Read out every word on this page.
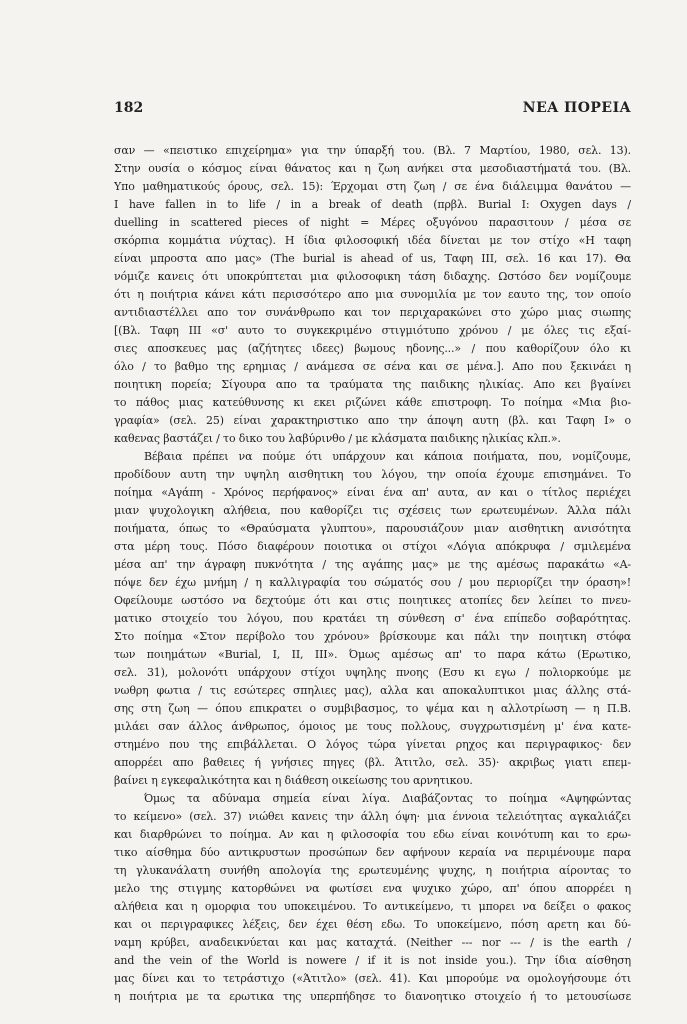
182	ΝΕΑ ΠΟΡΕΙΑ
σαν — «πειστικο επιχείρημα» για την ύπαρξή του. (Βλ. 7 Μαρτίου, 1980, σελ. 13).
Στην ουσία ο κόσμος είναι θάνατος και η ζωη ανήκει στα μεσοδιαστήματά του. (Βλ.
Υπο μαθηματικούς όρους, σελ. 15): Έρχομαι στη ζωη / σε ένα διάλειμμα θανάτου —
I have fallen in to life / in a break of death (πρβλ. Burial I: Oxygen days /
duelling in scattered pieces of night = Μέρες οξυγόνου παρασιτουν / μέσα σε
σκόρπια κομμάτια νύχτας). Η ίδια φιλοσοφική ιδέα δίνεται με τον στίχο «Η ταφη
είναι μπροστα απο μας» (The burial is ahead of us, Ταφη ΙΙΙ, σελ. 16 και 17). Θα
νόμιζε κανεις ότι υποκρύπτεται μια φιλοσοφικη τάση διδαχης. Ωστόσο δεν νομίζουμε
ότι η ποιήτρια κάνει κάτι περισσότερο απο μια συνομιλία με τον εαυτο της, τον οποίο
αντιδιαστέλλει απο τον συνάνθρωπο και τον περιχαρακώνει στο χώρο μιας σιωπης
[(Βλ. Ταφη ΙΙΙ «σ' αυτο το συγκεκριμένο στιγμιότυπο χρόνου / με όλες τις εξαί-
σιες αποσκευες μας (αζήτητες ιδεες) βωμους ηδονης...» / που καθορίζουν όλο κι
όλο / το βαθμο της ερημιας / ανάμεσα σε σένα και σε μένα.]. Απο που ξεκινάει η
ποιητικη πορεία; Σίγουρα απο τα τραύματα της παιδικης ηλικίας. Απο κει βγαίνει
το πάθος μιας κατεύθυνσης κι εκει ριζώνει κάθε επιστροφη. Το ποίημα «Μια βιο-
γραφία» (σελ. 25) είναι χαρακτηριστικο απο την άποψη αυτη (βλ. και Ταφη Ι» ο
καθενας βαστάζει / το δικο του λαβύρινθο / με κλάσματα παιδικης ηλικίας κλπ.».
Βέβαια πρέπει να πούμε ότι υπάρχουν και κάποια ποιήματα, που, νομίζουμε,
προδίδουν αυτη την υψηλη αισθητικη του λόγου, την οποία έχουμε επισημάνει. Το
ποίημα «Αγάπη - Χρόνος περήφανος» είναι ένα απ' αυτα, αν και ο τίτλος περιέχει
μιαν ψυχολογικη αλήθεια, που καθορίζει τις σχέσεις των ερωτευμένων. Άλλα πάλι
ποιήματα, όπως το «Θραύσματα γλυπτου», παρουσιάζουν μιαν αισθητικη ανισότητα
στα μέρη τους. Πόσο διαφέρουν ποιοτικα οι στίχοι «Λόγια απόκρυφα / σμιλεμένα
μέσα απ' την άγραφη πυκνότητα / της αγάπης μας» με της αμέσως παρακάτω «Α-
πόψε δεν έχω μνήμη / η καλλιγραφία του σώματός σου / μου περιορίζει την όραση»!
Οφείλουμε ωστόσο να δεχτούμε ότι και στις ποιητικες ατοπίες δεν λείπει το πνευ-
ματικο στοιχείο του λόγου, που κρατάει τη σύνθεση σ' ένα επίπεδο σοβαρότητας.
Στο ποίημα «Στον περίβολο του χρόνου» βρίσκουμε και πάλι την ποιητικη στόφα
των ποιημάτων «Burial, I, II, III». Όμως αμέσως απ' το παρα κάτω (Ερωτικο,
σελ. 31), μολονότι υπάρχουν στίχοι υψηλης πνοης (Εσυ κι εγω / πολιορκούμε με
νωθρη φωτια / τις εσώτερες σπηλιες μας), αλλα και αποκαλυπτικοι μιας άλλης στά-
σης στη ζωη — όπου επικρατει ο συμβιβασμος, το ψέμα και η αλλοτρίωση — η Π.Β.
μιλάει σαν άλλος άνθρωπος, όμοιος με τους πολλους, συγχρωτισμένη μ' ένα κατε-
στημένο που της επιβάλλεται. Ο λόγος τώρα γίνεται ρηχος και περιγραφικος· δεν
απορρέει απο βαθειες ή γνήσιες πηγες (βλ. Άτιτλο, σελ. 35)· ακριβως γιατι επεμ-
βαίνει η εγκεφαλικότητα και η διάθεση οικείωσης του αρνητικου.
Όμως τα αδύναμα σημεία είναι λίγα. Διαβάζοντας το ποίημα «Αψηφώντας
το κείμενο» (σελ. 37) νιώθει κανεις την άλλη όψη· μια έννοια τελειότητας αγκαλιάζει
και διαρθρώνει το ποίημα. Αν και η φιλοσοφία του εδω είναι κοινότυπη και το ερω-
τικο αίσθημα δύο αντικρυστων προσώπων δεν αφήνουν κεραία να περιμένουμε παρα
τη γλυκανάλατη συνήθη απολογία της ερωτευμένης ψυχης, η ποιήτρια αίροντας το
μελο της στιγμης κατορθώνει να φωτίσει ενα ψυχικο χώρο, απ' όπου απορρέει η
αλήθεια και η ομορφια του υποκειμένου. Το αντικείμενο, τι μπορει να δείξει ο φακος
και οι περιγραφικες λέξεις, δεν έχει θέση εδω. Το υποκείμενο, πόση αρετη και δύ-
ναμη κρύβει, αναδεικνύεται και μας καταχτά. (Neither --- nor --- / is the earth /
and the vein of the World is nowere / if it is not inside you.). Την ίδια αίσθηση
μας δίνει και το τετράστιχο («Άτιτλο» (σελ. 41). Και μπορούμε να ομολογήσουμε ότι
η ποιήτρια με τα ερωτικα της υπερπήδησε το διανοητικο στοιχείο ή το μετουσίωσε
